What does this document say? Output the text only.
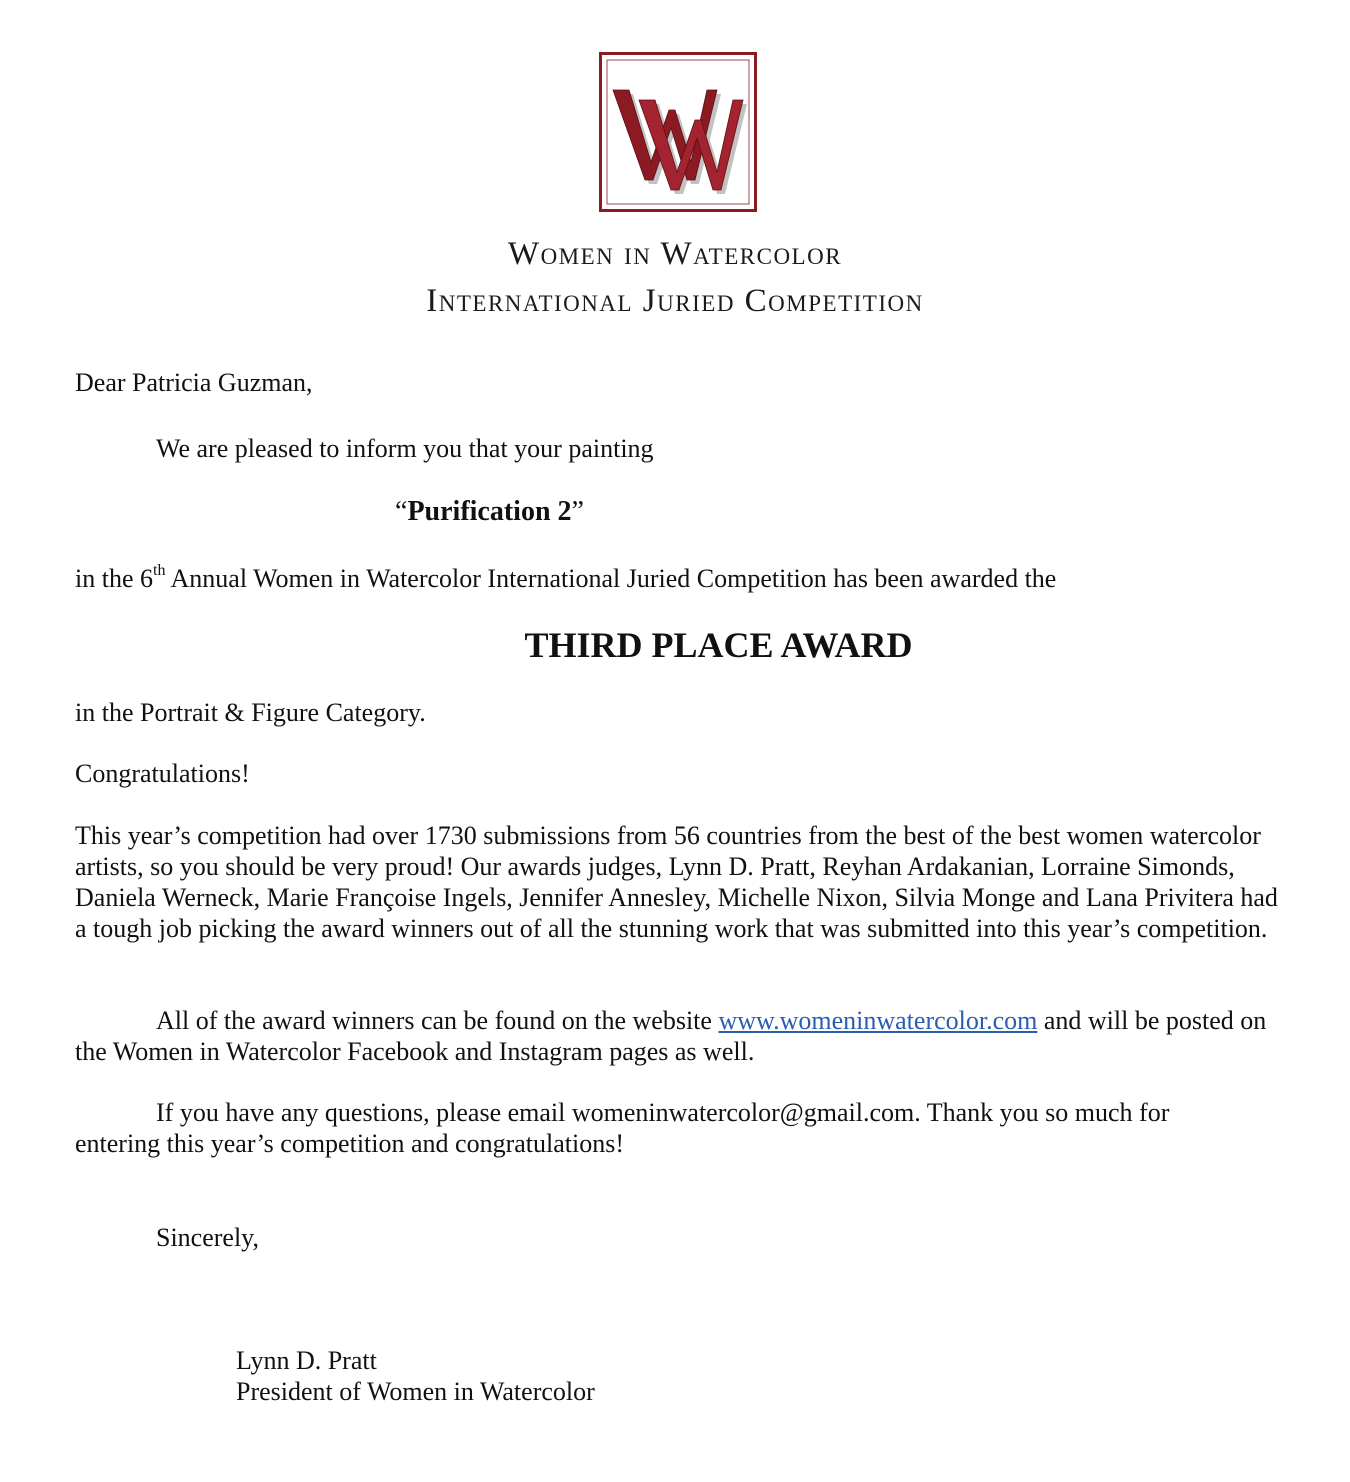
Women in Watercolor
International Juried Competition
Dear Patricia Guzman,
We are pleased to inform you that your painting
“Purification 2”
in the 6th Annual Women in Watercolor International Juried Competition has been awarded the
THIRD PLACE AWARD
in the Portrait & Figure Category.
Congratulations!
This year’s competition had over 1730 submissions from 56 countries from the best of the best women watercolor artists, so you should be very proud! Our awards judges, Lynn D. Pratt, Reyhan Ardakanian, Lorraine Simonds, Daniela Werneck, Marie Françoise Ingels, Jennifer Annesley, Michelle Nixon, Silvia Monge and Lana Privitera had a tough job picking the award winners out of all the stunning work that was submitted into this year’s competition.
All of the award winners can be found on the website www.womeninwatercolor.com and will be posted on the Women in Watercolor Facebook and Instagram pages as well.
If you have any questions, please email womeninwatercolor@gmail.com. Thank you so much for entering this year’s competition and congratulations!
Sincerely,
Lynn D. Pratt
President of Women in Watercolor
